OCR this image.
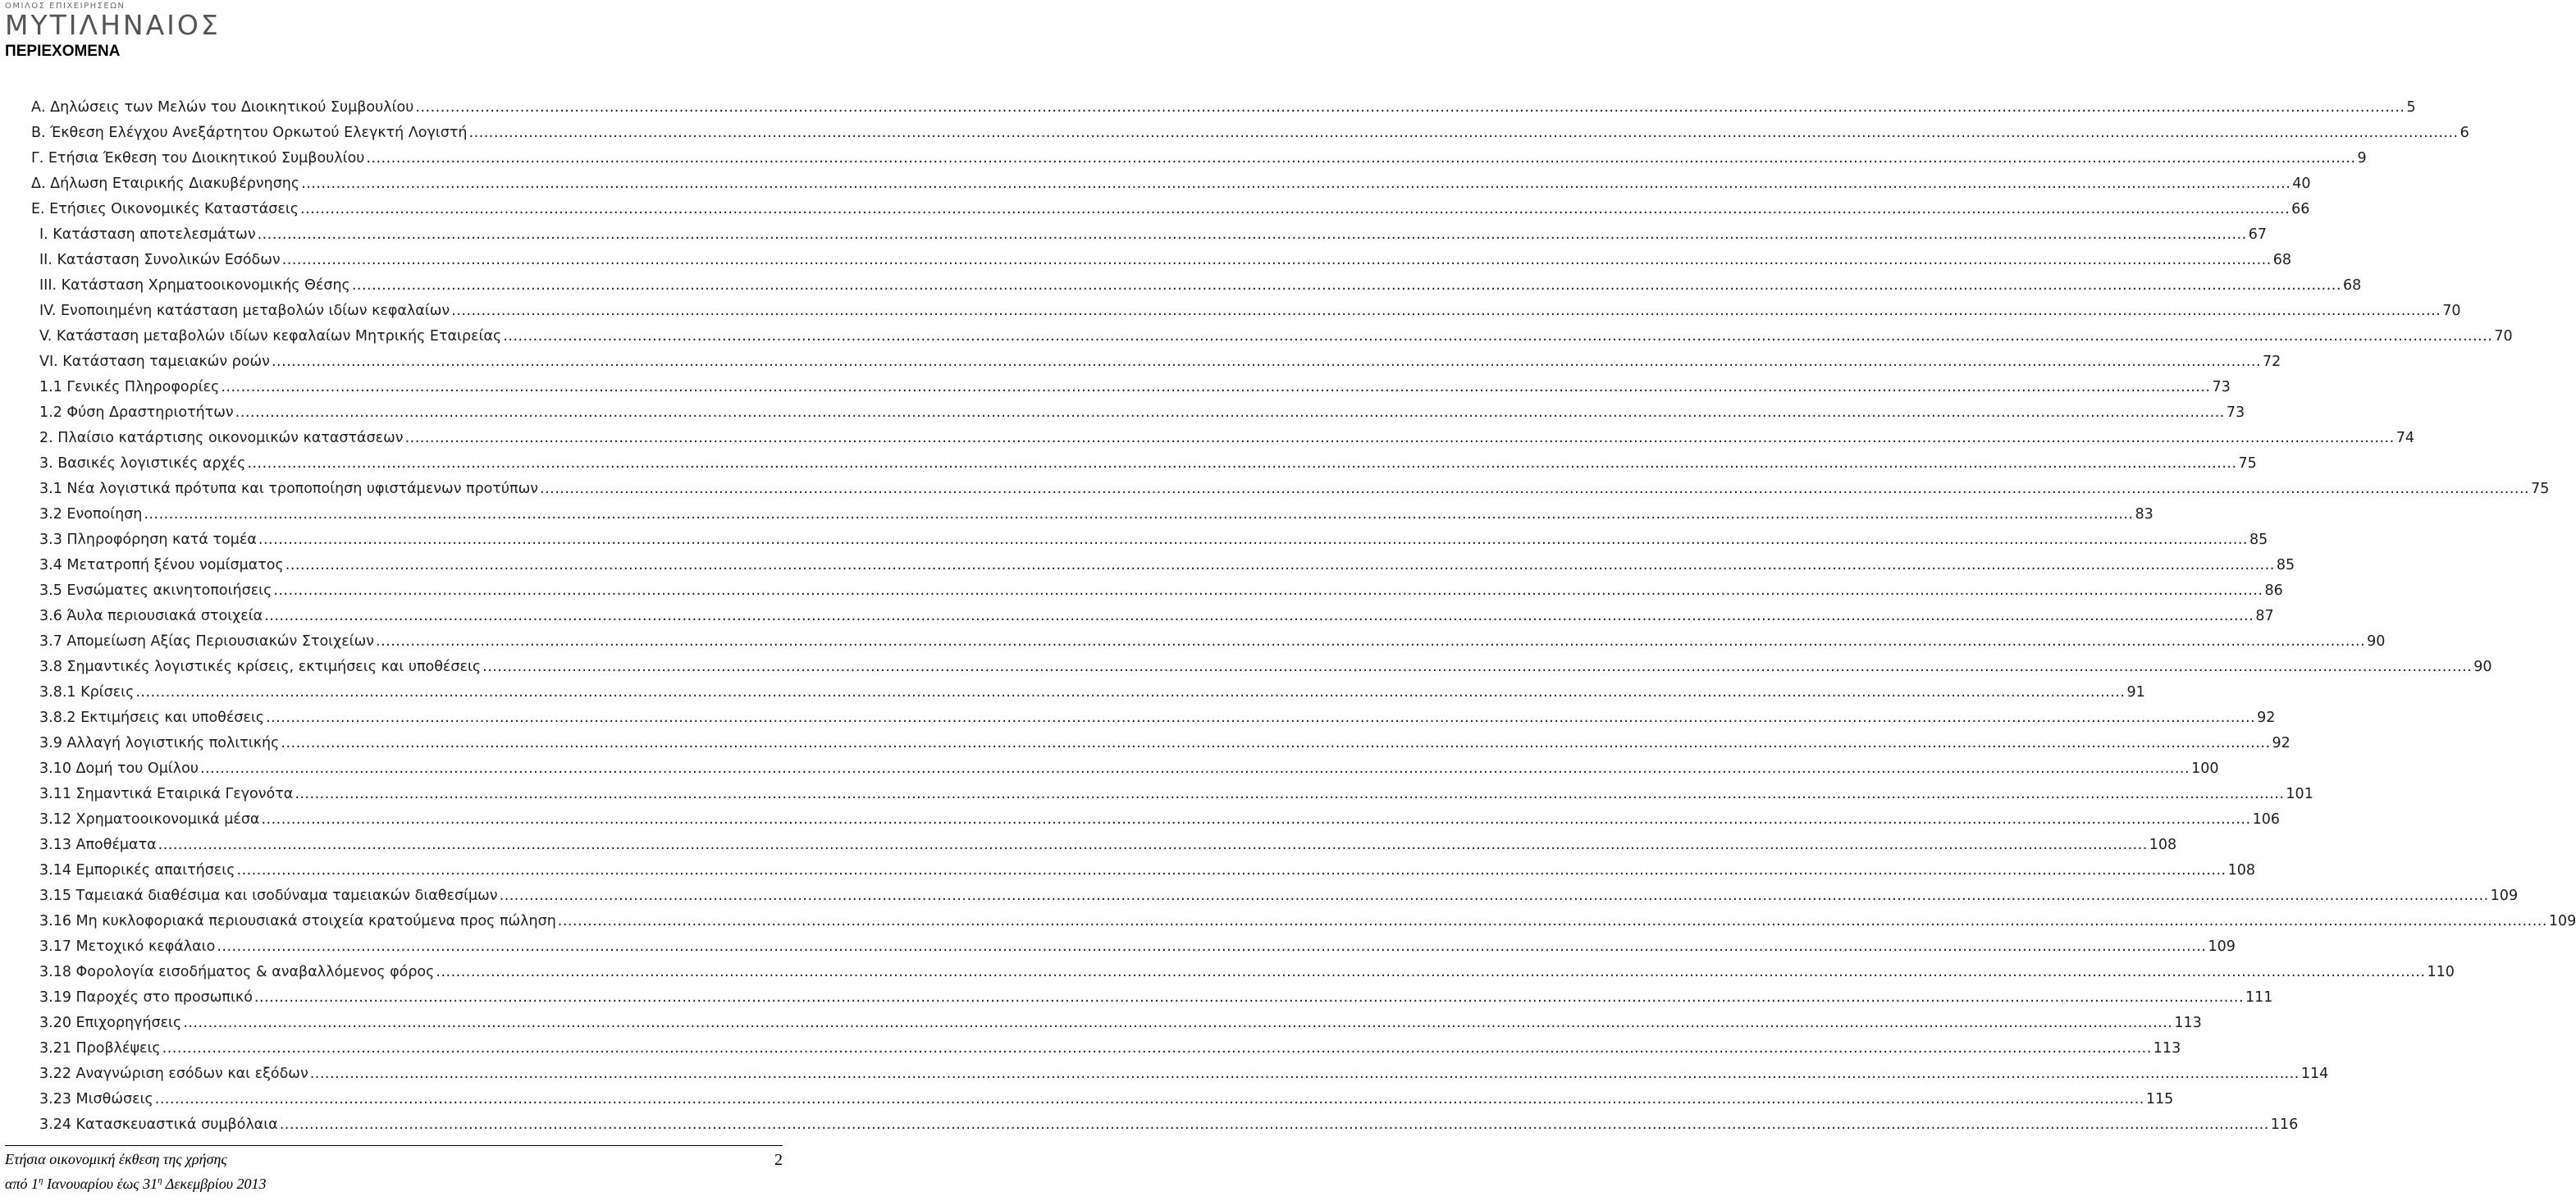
ΟΜΙΛΟΣ ΕΠΙΧΕΙΡΗΣΕΩΝ
ΜΥΤΙΛΗΝΑΙΟΣ
ΠΕΡΙΕΧΟΜΕΝΑ
Α. Δηλώσεις των Μελών του Διοικητικού Συμβουλίου ................................................................................................................................................................................................................................................................................................................................................................................................................ 5
Β. Έκθεση Ελέγχου Ανεξάρτητου Ορκωτού Ελεγκτή Λογιστή ................................................................................................................................................................................................................................................................................................................................................................................................................ 6
Γ. Ετήσια Έκθεση του Διοικητικού Συμβουλίου ................................................................................................................................................................................................................................................................................................................................................................................................................ 9
Δ. Δήλωση Εταιρικής Διακυβέρνησης ................................................................................................................................................................................................................................................................................................................................................................................................................ 40
Ε. Ετήσιες Οικονομικές Καταστάσεις ................................................................................................................................................................................................................................................................................................................................................................................................................ 66
Ι. Κατάσταση αποτελεσμάτων ................................................................................................................................................................................................................................................................................................................................................................................................................ 67
ΙΙ. Κατάσταση Συνολικών Εσόδων ................................................................................................................................................................................................................................................................................................................................................................................................................ 68
ΙΙΙ. Κατάσταση Χρηματοοικονομικής Θέσης ................................................................................................................................................................................................................................................................................................................................................................................................................ 68
IV. Ενοποιημένη κατάσταση μεταβολών ιδίων κεφαλαίων ................................................................................................................................................................................................................................................................................................................................................................................................................ 70
V. Κατάσταση μεταβολών ιδίων κεφαλαίων Μητρικής Εταιρείας ................................................................................................................................................................................................................................................................................................................................................................................................................ 70
VI. Κατάσταση ταμειακών ροών ................................................................................................................................................................................................................................................................................................................................................................................................................ 72
1.1 Γενικές Πληροφορίες ................................................................................................................................................................................................................................................................................................................................................................................................................ 73
1.2 Φύση Δραστηριοτήτων ................................................................................................................................................................................................................................................................................................................................................................................................................ 73
2. Πλαίσιο κατάρτισης οικονομικών καταστάσεων ................................................................................................................................................................................................................................................................................................................................................................................................................ 74
3. Βασικές λογιστικές αρχές ................................................................................................................................................................................................................................................................................................................................................................................................................ 75
3.1 Νέα λογιστικά πρότυπα και τροποποίηση υφιστάμενων προτύπων ................................................................................................................................................................................................................................................................................................................................................................................................................ 75
3.2 Ενοποίηση ................................................................................................................................................................................................................................................................................................................................................................................................................ 83
3.3 Πληροφόρηση κατά τομέα ................................................................................................................................................................................................................................................................................................................................................................................................................ 85
3.4 Μετατροπή ξένου νομίσματος ................................................................................................................................................................................................................................................................................................................................................................................................................ 85
3.5 Ενσώματες ακινητοποιήσεις ................................................................................................................................................................................................................................................................................................................................................................................................................ 86
3.6 Άυλα περιουσιακά στοιχεία ................................................................................................................................................................................................................................................................................................................................................................................................................ 87
3.7 Απομείωση Αξίας Περιουσιακών Στοιχείων ................................................................................................................................................................................................................................................................................................................................................................................................................ 90
3.8 Σημαντικές λογιστικές κρίσεις, εκτιμήσεις και υποθέσεις ................................................................................................................................................................................................................................................................................................................................................................................................................ 90
3.8.1 Κρίσεις ................................................................................................................................................................................................................................................................................................................................................................................................................ 91
3.8.2 Εκτιμήσεις και υποθέσεις ................................................................................................................................................................................................................................................................................................................................................................................................................ 92
3.9 Αλλαγή λογιστικής πολιτικής ................................................................................................................................................................................................................................................................................................................................................................................................................ 92
3.10 Δομή του Ομίλου ................................................................................................................................................................................................................................................................................................................................................................................................................ 100
3.11 Σημαντικά Εταιρικά Γεγονότα ................................................................................................................................................................................................................................................................................................................................................................................................................ 101
3.12 Χρηματοοικονομικά μέσα ................................................................................................................................................................................................................................................................................................................................................................................................................ 106
3.13 Αποθέματα ................................................................................................................................................................................................................................................................................................................................................................................................................ 108
3.14 Εμπορικές απαιτήσεις ................................................................................................................................................................................................................................................................................................................................................................................................................ 108
3.15 Ταμειακά διαθέσιμα και ισοδύναμα ταμειακών διαθεσίμων ................................................................................................................................................................................................................................................................................................................................................................................................................ 109
3.16 Μη κυκλοφοριακά περιουσιακά στοιχεία κρατούμενα προς πώληση ................................................................................................................................................................................................................................................................................................................................................................................................................ 109
3.17 Μετοχικό κεφάλαιο ................................................................................................................................................................................................................................................................................................................................................................................................................ 109
3.18 Φορολογία εισοδήματος & αναβαλλόμενος φόρος ................................................................................................................................................................................................................................................................................................................................................................................................................ 110
3.19 Παροχές στο προσωπικό ................................................................................................................................................................................................................................................................................................................................................................................................................ 111
3.20 Επιχορηγήσεις ................................................................................................................................................................................................................................................................................................................................................................................................................ 113
3.21 Προβλέψεις ................................................................................................................................................................................................................................................................................................................................................................................................................ 113
3.22 Αναγνώριση εσόδων και εξόδων ................................................................................................................................................................................................................................................................................................................................................................................................................ 114
3.23 Μισθώσεις ................................................................................................................................................................................................................................................................................................................................................................................................................ 115
3.24 Κατασκευαστικά συμβόλαια ................................................................................................................................................................................................................................................................................................................................................................................................................ 116
Ετήσια οικονομική έκθεση της χρήσης
από $1^\eta$ Ιανουαρίου έως $31^\eta$ Δεκεμβρίου 2013
2
